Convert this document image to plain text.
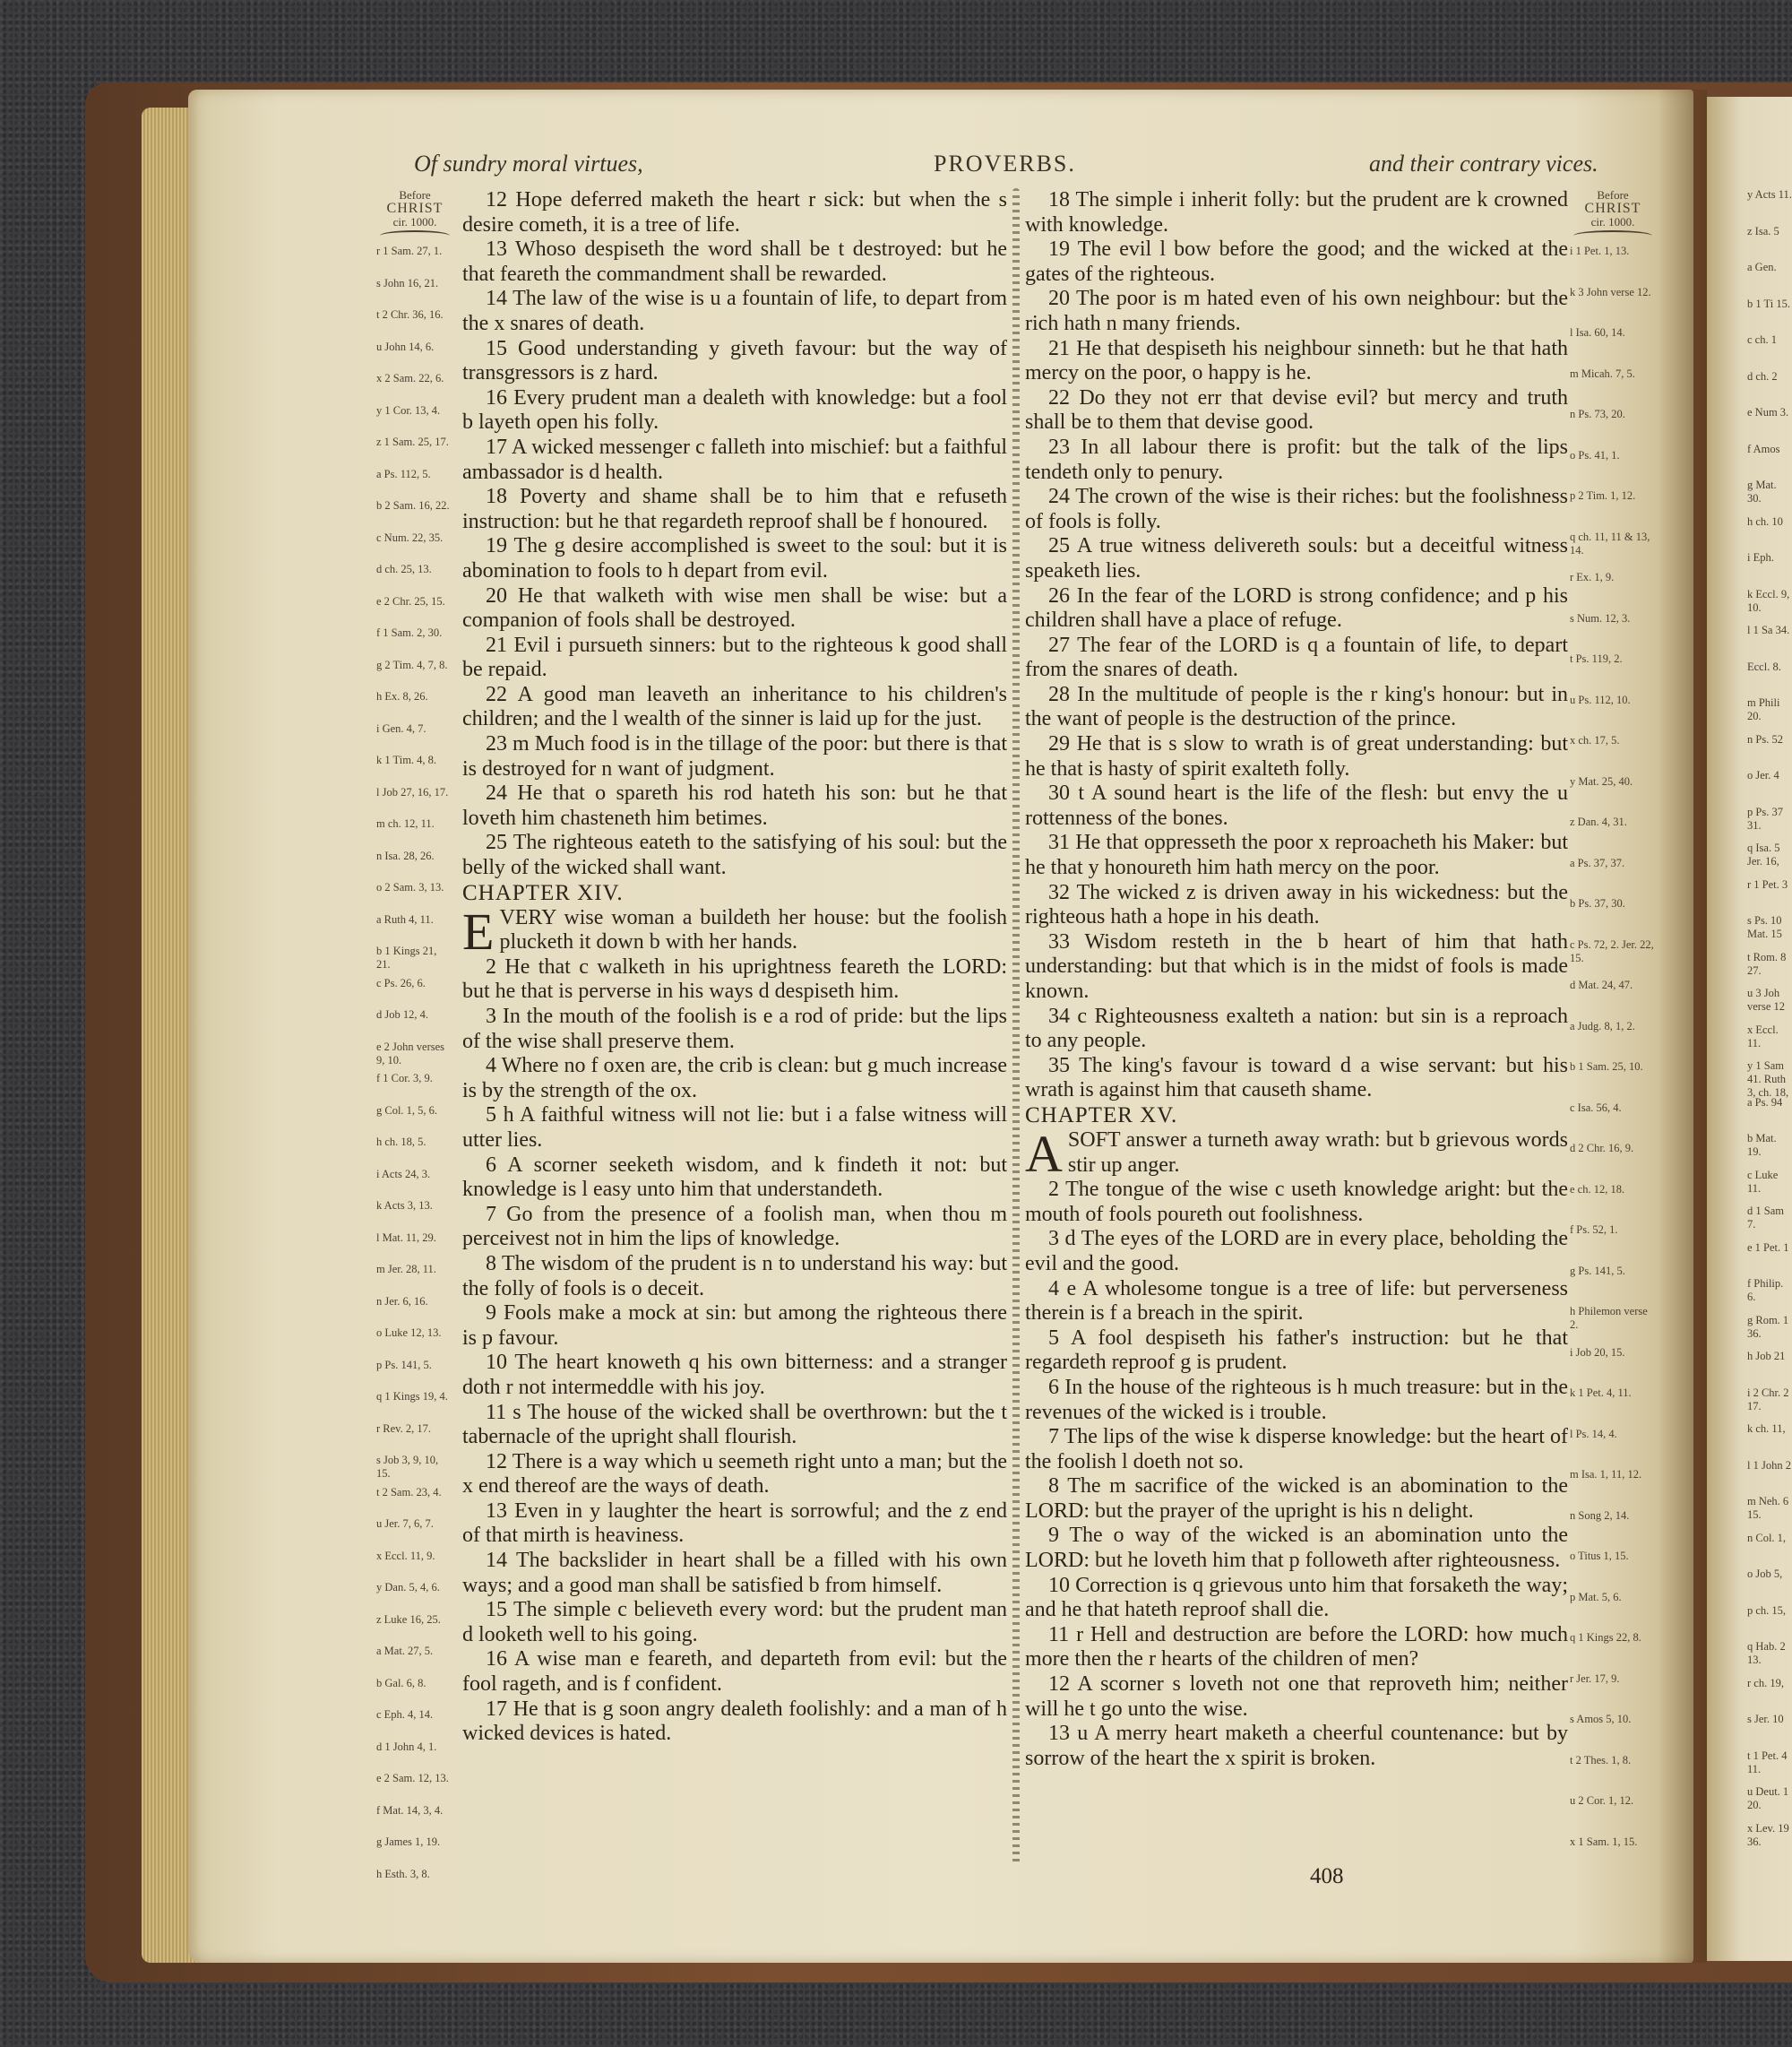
Of sundry moral virtues,	PROVERBS.	and their contrary vices.
Before
CHRIST
cir. 1000.
r 1 Sam. 27, 1.
s John 16, 21.
t 2 Chr. 36, 16.
u John 14, 6.
x 2 Sam. 22, 6.
y 1 Cor. 13, 4.
z 1 Sam. 25, 17.
a Ps. 112, 5.
b 2 Sam. 16, 22.
c Num. 22, 35.
d ch. 25, 13.
e 2 Chr. 25, 15.
f 1 Sam. 2, 30.
g 2 Tim. 4, 7, 8.
h Ex. 8, 26.
i Gen. 4, 7.
k 1 Tim. 4, 8.
l Job 27, 16, 17.
m ch. 12, 11.
n Isa. 28, 26.
o 2 Sam. 3, 13.
a Ruth 4, 11.
b 1 Kings 21, 21.
c Ps. 26, 6.
d Job 12, 4.
e 2 John verses 9, 10.
f 1 Cor. 3, 9.
g Col. 1, 5, 6.
h ch. 18, 5.
i Acts 24, 3.
k Acts 3, 13.
l Mat. 11, 29.
m Jer. 28, 11.
n Jer. 6, 16.
o Luke 12, 13.
p Ps. 141, 5.
q 1 Kings 19, 4.
r Rev. 2, 17.
s Job 3, 9, 10, 15.
t 2 Sam. 23, 4.
u Jer. 7, 6, 7.
x Eccl. 11, 9.
y Dan. 5, 4, 6.
z Luke 16, 25.
a Mat. 27, 5.
b Gal. 6, 8.
c Eph. 4, 14.
d 1 John 4, 1.
e 2 Sam. 12, 13.
f Mat. 14, 3, 4.
g James 1, 19.
h Esth. 3, 8.
Before
CHRIST
cir. 1000.
i 1 Pet. 1, 13.
k 3 John verse 12.
l Isa. 60, 14.
m Micah. 7, 5.
n Ps. 73, 20.
o Ps. 41, 1.
p 2 Tim. 1, 12.
q ch. 11, 11 & 13, 14.
r Ex. 1, 9.
s Num. 12, 3.
t Ps. 119, 2.
u Ps. 112, 10.
x ch. 17, 5.
y Mat. 25, 40.
z Dan. 4, 31.
a Ps. 37, 37.
b Ps. 37, 30.
c Ps. 72, 2. Jer. 22, 15.
d Mat. 24, 47.
a Judg. 8, 1, 2.
b 1 Sam. 25, 10.
c Isa. 56, 4.
d 2 Chr. 16, 9.
e ch. 12, 18.
f Ps. 52, 1.
g Ps. 141, 5.
h Philemon verse 2.
i Job 20, 15.
k 1 Pet. 4, 11.
l Ps. 14, 4.
m Isa. 1, 11, 12.
n Song 2, 14.
o Titus 1, 15.
p Mat. 5, 6.
q 1 Kings 22, 8.
r Jer. 17, 9.
s Amos 5, 10.
t 2 Thes. 1, 8.
u 2 Cor. 1, 12.
x 1 Sam. 1, 15.
y Acts 11.
z Isa. 5
a Gen.
b 1 Ti 15.
c ch. 1
d ch. 2
e Num 3.
f Amos
g Mat. 30.
h ch. 10
i Eph.
k Eccl. 9, 10.
l 1 Sa 34.
Eccl. 8.
m Phili 20.
n Ps. 52
o Jer. 4
p Ps. 37 31.
q Isa. 5 Jer. 16,
r 1 Pet. 3
s Ps. 10 Mat. 15
t Rom. 8 27.
u 3 Joh verse 12
x Eccl. 11.
y 1 Sam 41. Ruth 3, ch. 18,
a Ps. 94
b Mat. 19.
c Luke 11.
d 1 Sam 7.
e 1 Pet. 1
f Philip. 6.
g Rom. 1 36.
h Job 21
i 2 Chr. 2 17.
k ch. 11,
l 1 John 2
m Neh. 6 15.
n Col. 1,
o Job 5,
p ch. 15,
q Hab. 2 13.
r ch. 19,
s Jer. 10
t 1 Pet. 4 11.
u Deut. 1 20.
x Lev. 19 36.

12 Hope deferred maketh the heart r sick: but when the s desire cometh, it is a tree of life.

13 Whoso despiseth the word shall be t destroyed: but he that feareth the commandment shall be rewarded.

14 The law of the wise is u a fountain of life, to depart from the x snares of death.

15 Good understanding y giveth favour: but the way of transgressors is z hard.

16 Every prudent man a dealeth with knowledge: but a fool b layeth open his folly.

17 A wicked messenger c falleth into mischief: but a faithful ambassador is d health.

18 Poverty and shame shall be to him that e refuseth instruction: but he that regardeth reproof shall be f honoured.

19 The g desire accomplished is sweet to the soul: but it is abomination to fools to h depart from evil.

20 He that walketh with wise men shall be wise: but a companion of fools shall be destroyed.

21 Evil i pursueth sinners: but to the righteous k good shall be repaid.

22 A good man leaveth an inheritance to his children's children; and the l wealth of the sinner is laid up for the just.

23 m Much food is in the tillage of the poor: but there is that is destroyed for n want of judgment.

24 He that o spareth his rod hateth his son: but he that loveth him chasteneth him betimes.

25 The righteous eateth to the satisfying of his soul: but the belly of the wicked shall want.

CHAPTER XIV.

EVERY wise woman a buildeth her house: but the foolish plucketh it down b with her hands.

2 He that c walketh in his uprightness feareth the LORD: but he that is perverse in his ways d despiseth him.

3 In the mouth of the foolish is e a rod of pride: but the lips of the wise shall preserve them.

4 Where no f oxen are, the crib is clean: but g much increase is by the strength of the ox.

5 h A faithful witness will not lie: but i a false witness will utter lies.

6 A scorner seeketh wisdom, and k findeth it not: but knowledge is l easy unto him that understandeth.

7 Go from the presence of a foolish man, when thou m perceivest not in him the lips of knowledge.

8 The wisdom of the prudent is n to understand his way: but the folly of fools is o deceit.

9 Fools make a mock at sin: but among the righteous there is p favour.

10 The heart knoweth q his own bitterness: and a stranger doth r not intermeddle with his joy.

11 s The house of the wicked shall be overthrown: but the t tabernacle of the upright shall flourish.

12 There is a way which u seemeth right unto a man; but the x end thereof are the ways of death.

13 Even in y laughter the heart is sorrowful; and the z end of that mirth is heaviness.

14 The backslider in heart shall be a filled with his own ways; and a good man shall be satisfied b from himself.

15 The simple c believeth every word: but the prudent man d looketh well to his going.

16 A wise man e feareth, and departeth from evil: but the fool rageth, and is f confident.

17 He that is g soon angry dealeth foolishly: and a man of h wicked devices is hated.

18 The simple i inherit folly: but the prudent are k crowned with knowledge.

19 The evil l bow before the good; and the wicked at the gates of the righteous.

20 The poor is m hated even of his own neighbour: but the rich hath n many friends.

21 He that despiseth his neighbour sinneth: but he that hath mercy on the poor, o happy is he.

22 Do they not err that devise evil? but mercy and truth shall be to them that devise good.

23 In all labour there is profit: but the talk of the lips tendeth only to penury.

24 The crown of the wise is their riches: but the foolishness of fools is folly.

25 A true witness delivereth souls: but a deceitful witness speaketh lies.

26 In the fear of the LORD is strong confidence; and p his children shall have a place of refuge.

27 The fear of the LORD is q a fountain of life, to depart from the snares of death.

28 In the multitude of people is the r king's honour: but in the want of people is the destruction of the prince.

29 He that is s slow to wrath is of great understanding: but he that is hasty of spirit exalteth folly.

30 t A sound heart is the life of the flesh: but envy the u rottenness of the bones.

31 He that oppresseth the poor x reproacheth his Maker: but he that y honoureth him hath mercy on the poor.

32 The wicked z is driven away in his wickedness: but the righteous hath a hope in his death.

33 Wisdom resteth in the b heart of him that hath understanding: but that which is in the midst of fools is made known.

34 c Righteousness exalteth a nation: but sin is a reproach to any people.

35 The king's favour is toward d a wise servant: but his wrath is against him that causeth shame.

CHAPTER XV.

ASOFT answer a turneth away wrath: but b grievous words stir up anger.

2 The tongue of the wise c useth knowledge aright: but the mouth of fools poureth out foolishness.

3 d The eyes of the LORD are in every place, beholding the evil and the good.

4 e A wholesome tongue is a tree of life: but perverseness therein is f a breach in the spirit.

5 A fool despiseth his father's instruction: but he that regardeth reproof g is prudent.

6 In the house of the righteous is h much treasure: but in the revenues of the wicked is i trouble.

7 The lips of the wise k disperse knowledge: but the heart of the foolish l doeth not so.

8 The m sacrifice of the wicked is an abomination to the LORD: but the prayer of the upright is his n delight.

9 The o way of the wicked is an abomination unto the LORD: but he loveth him that p followeth after righteousness.

10 Correction is q grievous unto him that forsaketh the way; and he that hateth reproof shall die.

11 r Hell and destruction are before the LORD: how much more then the r hearts of the children of men?

12 A scorner s loveth not one that reproveth him; neither will he t go unto the wise.

13 u A merry heart maketh a cheerful countenance: but by sorrow of the heart the x spirit is broken.

408
